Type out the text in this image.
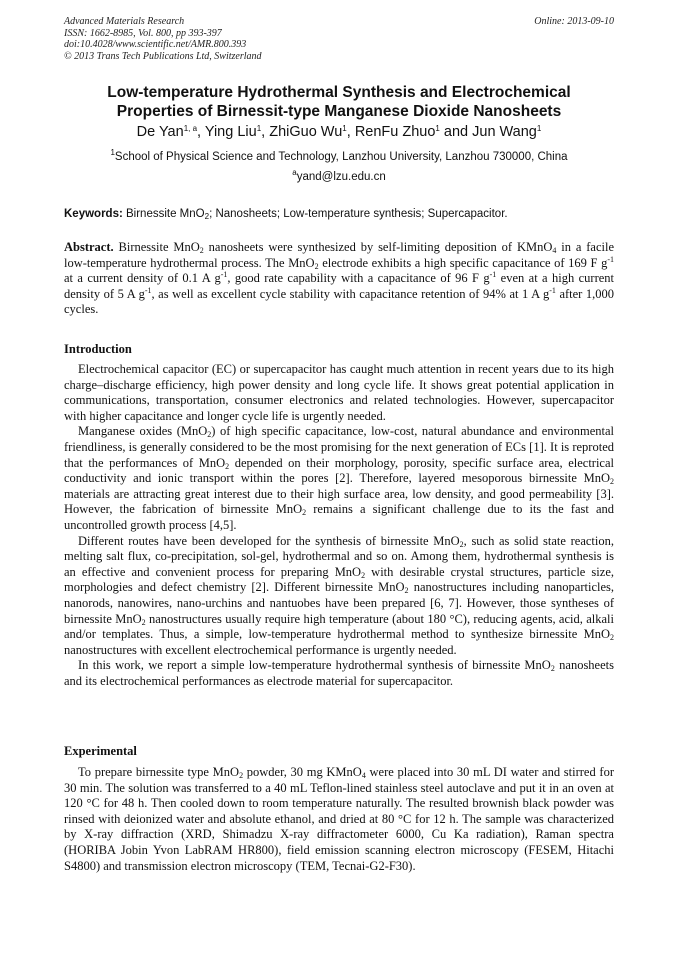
Advanced Materials Research
ISSN: 1662-8985, Vol. 800, pp 393-397
doi:10.4028/www.scientific.net/AMR.800.393
© 2013 Trans Tech Publications Ltd, Switzerland
Online: 2013-09-10
Low-temperature Hydrothermal Synthesis and Electrochemical
Properties of Birnessit-type Manganese Dioxide Nanosheets
De Yan$^{1, a}$, Ying Liu$^1$, ZhiGuo Wu$^1$, RenFu Zhuo$^1$ and Jun Wang$^1$
$^1$School of Physical Science and Technology, Lanzhou University, Lanzhou 730000, China
$^a$yand@lzu.edu.cn
Keywords: Birnessite MnO$_2$; Nanosheets; Low-temperature synthesis; Supercapacitor.

Abstract. Birnessite MnO$_2$ nanosheets were synthesized by self-limiting deposition of KMnO$_4$ in a facile low-temperature hydrothermal process. The MnO$_2$ electrode exhibits a high specific capacitance of 169 F $g^{-1}$ at a current density of 0.1 A $g^{-1}$, good rate capability with a capacitance of 96 F $g^{-1}$ even at a high current density of 5 A $g^{-1}$, as well as excellent cycle stability with capacitance retention of 94% at 1 A $g^{-1}$ after 1,000 cycles.

Introduction

Electrochemical capacitor (EC) or supercapacitor has caught much attention in recent years due to its high charge–discharge efficiency, high power density and long cycle life. It shows great potential application in communications, transportation, consumer electronics and related technologies. However, supercapacitor with higher capacitance and longer cycle life is urgently needed.

Manganese oxides (MnO$_2$) of high specific capacitance, low-cost, natural abundance and environmental friendliness, is generally considered to be the most promising for the next generation of ECs [1]. It is reproted that the performances of MnO$_2$ depended on their morphology, porosity, specific surface area, electrical conductivity and ionic transport within the pores [2]. Therefore, layered mesoporous birnessite MnO$_2$ materials are attracting great interest due to their high surface area, low density, and good permeability [3]. However, the fabrication of birnessite MnO$_2$ remains a significant challenge due to its the fast and uncontrolled growth process [4,5].

Different routes have been developed for the synthesis of birnessite MnO$_2$, such as solid state reaction, melting salt flux, co-precipitation, sol-gel, hydrothermal and so on. Among them, hydrothermal synthesis is an effective and convenient process for preparing MnO$_2$ with desirable crystal structures, particle size, morphologies and defect chemistry [2]. Different birnessite MnO$_2$ nanostructures including nanoparticles, nanorods, nanowires, nano-urchins and nantuobes have been prepared [6, 7]. However, those syntheses of birnessite MnO$_2$ nanostructures usually require high temperature (about 180 °C), reducing agents, acid, alkali and/or templates. Thus, a simple, low-temperature hydrothermal method to synthesize birnessite MnO$_2$ nanostructures with excellent electrochemical performance is urgently needed.

In this work, we report a simple low-temperature hydrothermal synthesis of birnessite MnO$_2$ nanosheets and its electrochemical performances as electrode material for supercapacitor.

Experimental

To prepare birnessite type MnO$_2$ powder, 30 mg KMnO$_4$ were placed into 30 mL DI water and stirred for 30 min. The solution was transferred to a 40 mL Teflon-lined stainless steel autoclave and put it in an oven at 120 °C for 48 h. Then cooled down to room temperature naturally. The resulted brownish black powder was rinsed with deionized water and absolute ethanol, and dried at 80 °C for 12 h. The sample was characterized by X-ray diffraction (XRD, Shimadzu X-ray diffractometer 6000, Cu Ka radiation), Raman spectra (HORIBA Jobin Yvon LabRAM HR800), field emission scanning electron microscopy (FESEM, Hitachi S4800) and transmission electron microscopy (TEM, Tecnai-G2-F30).
